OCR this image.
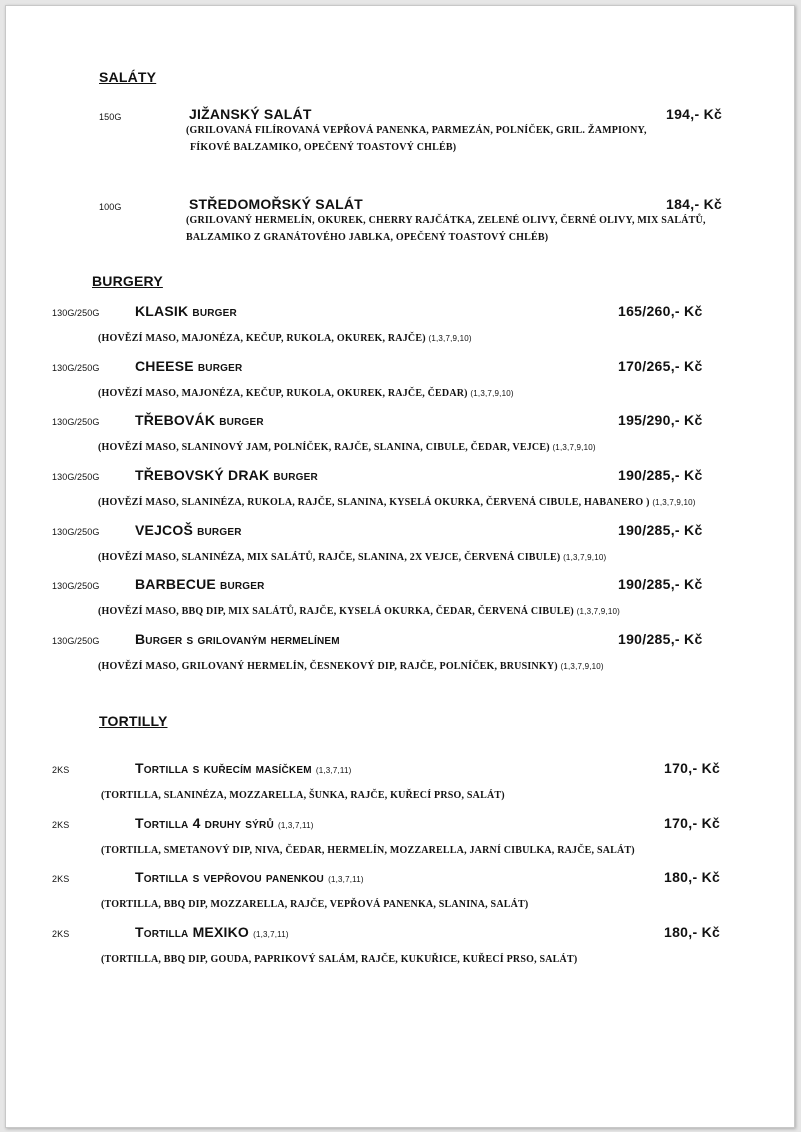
SALÁTY
150G	JIŽANSKÝ SALÁT	194,- Kč
(GRILOVANÁ FILÍROVANÁ VEPŘOVÁ PANENKA, PARMEZÁN, POLNÍČEK, GRIL. ŽAMPIONY,
FÍKOVÉ BALZAMIKO, OPEČENÝ TOASTOVÝ CHLÉB)
100G	STŘEDOMOŘSKÝ SALÁT	184,- Kč
(GRILOVANÝ HERMELÍN, OKUREK, CHERRY RAJČÁTKA, ZELENÉ OLIVY, ČERNÉ OLIVY, MIX SALÁTŮ,
BALZAMIKO Z GRANÁTOVÉHO JABLKA, OPEČENÝ TOASTOVÝ CHLÉB)
BURGERY
130G/250G	KLASIK burger	165/260,- Kč
(HOVĚZÍ MASO, MAJONÉZA, KEČUP, RUKOLA, OKUREK, RAJČE) (1,3,7,9,10)
130G/250G	CHEESE burger	170/265,- Kč
(HOVĚZÍ MASO, MAJONÉZA, KEČUP, RUKOLA, OKUREK, RAJČE, ČEDAR) (1,3,7,9,10)
130G/250G	TŘEBOVÁK burger	195/290,- Kč
(HOVĚZÍ MASO, SLANINOVÝ JAM, POLNÍČEK, RAJČE, SLANINA, CIBULE, ČEDAR, VEJCE) (1,3,7,9,10)
130G/250G	TŘEBOVSKÝ DRAK burger	190/285,- Kč
(HOVĚZÍ MASO, SLANINÉZA, RUKOLA, RAJČE, SLANINA, KYSELÁ OKURKA, ČERVENÁ CIBULE, HABANERO ) (1,3,7,9,10)
130G/250G	VEJCOŠ burger	190/285,- Kč
(HOVĚZÍ MASO, SLANINÉZA, MIX SALÁTŮ, RAJČE, SLANINA, 2X VEJCE, ČERVENÁ CIBULE) (1,3,7,9,10)
130G/250G	BARBECUE burger	190/285,- Kč
(HOVĚZÍ MASO, BBQ DIP, MIX SALÁTŮ, RAJČE, KYSELÁ OKURKA, ČEDAR, ČERVENÁ CIBULE) (1,3,7,9,10)
130G/250G	Burger s grilovaným hermelínem	190/285,- Kč
(HOVĚZÍ MASO, GRILOVANÝ HERMELÍN, ČESNEKOVÝ DIP, RAJČE, POLNÍČEK, BRUSINKY) (1,3,7,9,10)
TORTILLY
2KS	Tortilla s kuřecím masíčkem (1,3,7,11)	170,- Kč
(TORTILLA, SLANINÉZA, MOZZARELLA, ŠUNKA, RAJČE, KUŘECÍ PRSO, SALÁT)
2KS	Tortilla 4 druhy sýrů (1,3,7,11)	170,- Kč
(TORTILLA, SMETANOVÝ DIP, NIVA, ČEDAR, HERMELÍN, MOZZARELLA, JARNÍ CIBULKA, RAJČE, SALÁT)
2KS	Tortilla s vepřovou panenkou (1,3,7,11)	180,- Kč
(TORTILLA, BBQ DIP, MOZZARELLA, RAJČE, VEPŘOVÁ PANENKA, SLANINA, SALÁT)
2KS	Tortilla MEXIKO (1,3,7,11)	180,- Kč
(TORTILLA, BBQ DIP, GOUDA, PAPRIKOVÝ SALÁM, RAJČE, KUKUŘICE, KUŘECÍ PRSO, SALÁT)
